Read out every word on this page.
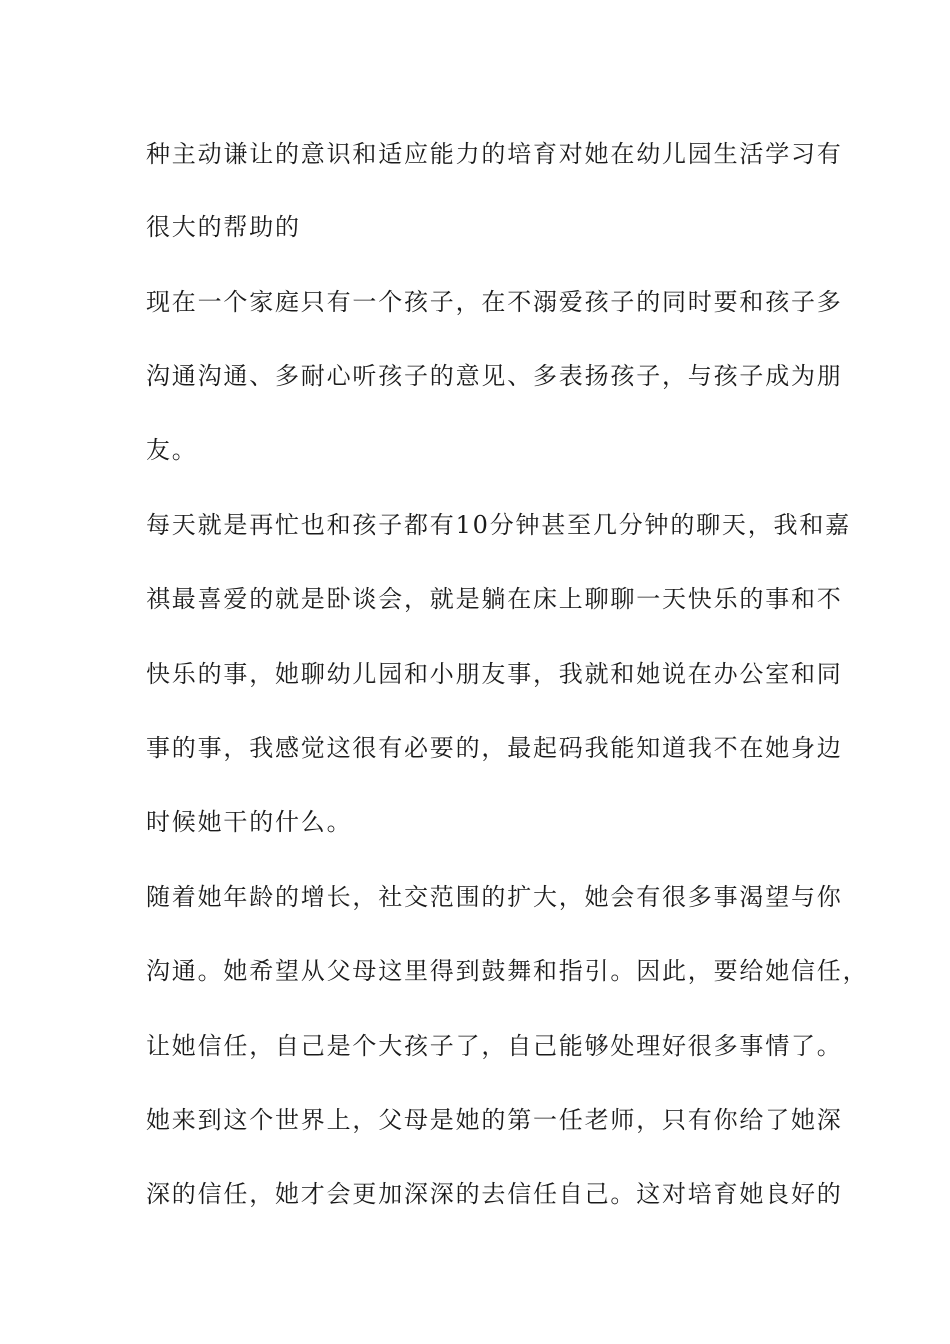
种主动谦让的意识和适应能力的培育对她在幼儿园生活学习有
很大的帮助的
现在一个家庭只有一个孩子，在不溺爱孩子的同时要和孩子多
沟通沟通、多耐心听孩子的意见、多表扬孩子，与孩子成为朋
友。
每天就是再忙也和孩子都有10分钟甚至几分钟的聊天，我和嘉
祺最喜爱的就是卧谈会，就是躺在床上聊聊一天快乐的事和不
快乐的事，她聊幼儿园和小朋友事，我就和她说在办公室和同
事的事，我感觉这很有必要的，最起码我能知道我不在她身边
时候她干的什么。
随着她年龄的增长，社交范围的扩大，她会有很多事渴望与你
沟通。她希望从父母这里得到鼓舞和指引。因此，要给她信任，
让她信任，自己是个大孩子了，自己能够处理好很多事情了。
她来到这个世界上，父母是她的第一任老师，只有你给了她深
深的信任，她才会更加深深的去信任自己。这对培育她良好的
